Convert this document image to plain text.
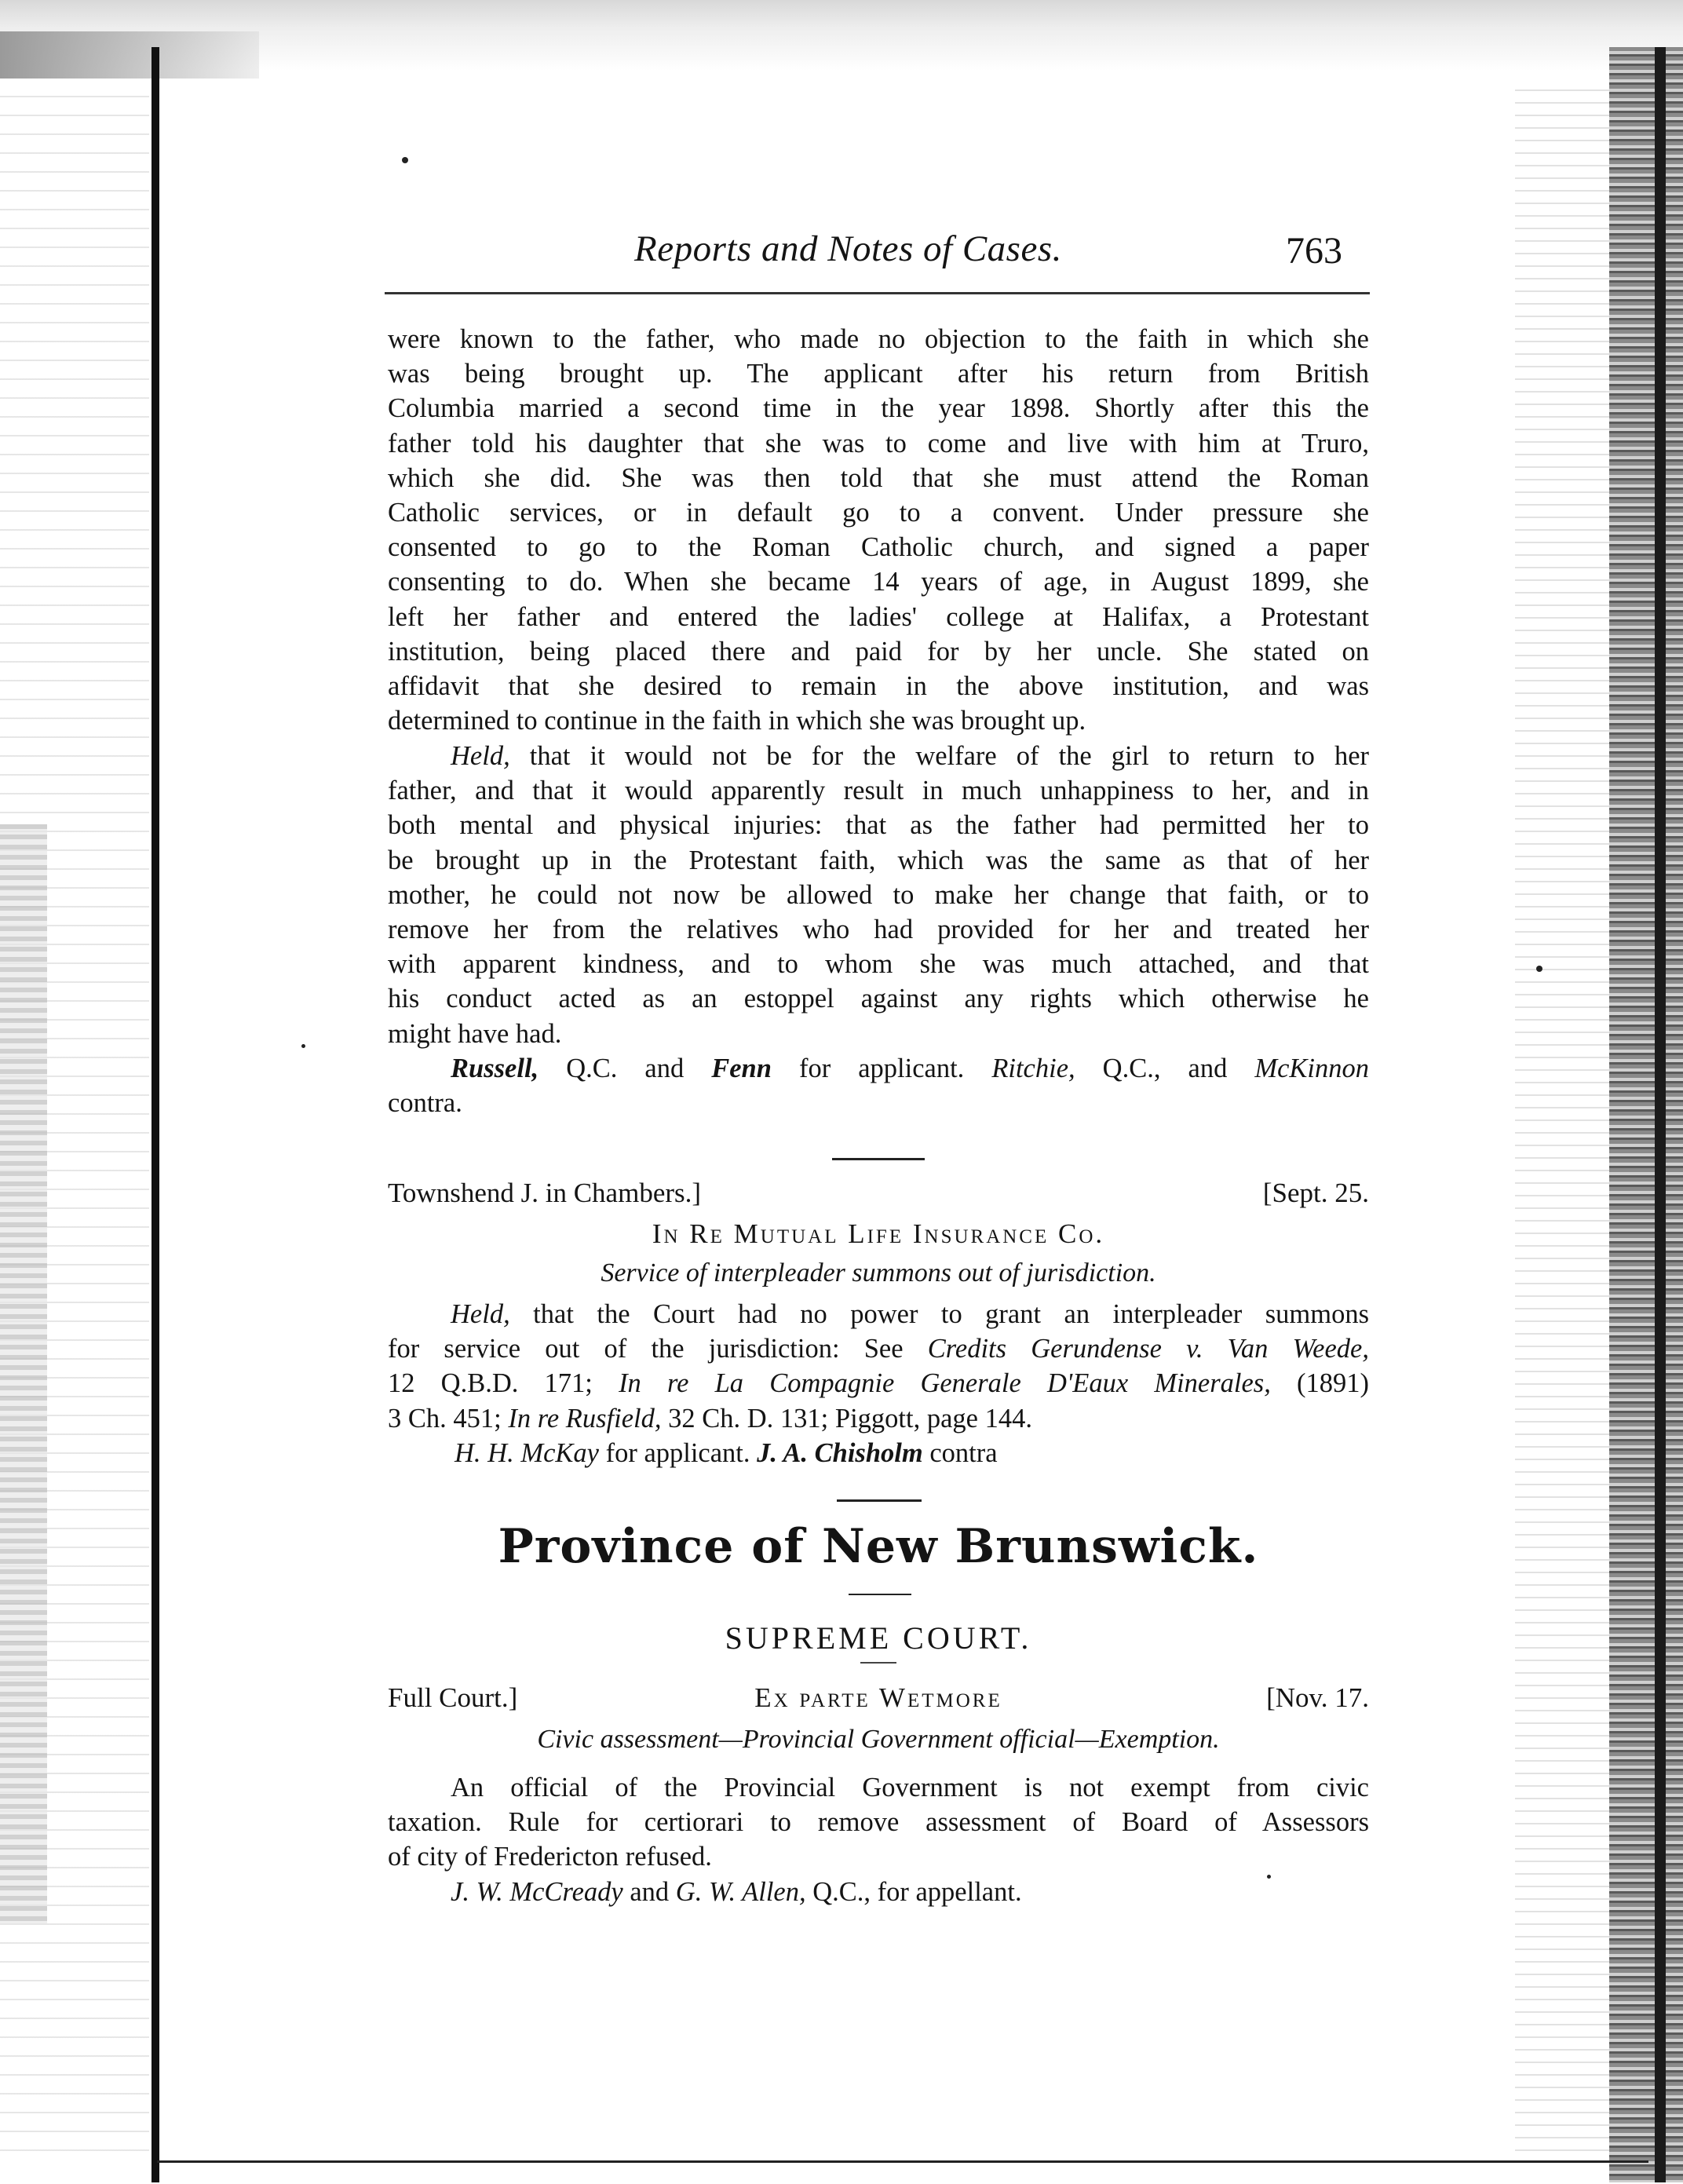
Reports and Notes of Cases.	763
were known to the father, who made no objection to the faith in which she
was being brought up. The applicant after his return from British
Columbia married a second time in the year 1898. Shortly after this the
father told his daughter that she was to come and live with him at Truro,
which she did. She was then told that she must attend the Roman
Catholic services, or in default go to a convent. Under pressure she
consented to go to the Roman Catholic church, and signed a paper
consenting to do. When she became 14 years of age, in August 1899, she
left her father and entered the ladies' college at Halifax, a Protestant
institution, being placed there and paid for by her uncle. She stated on
affidavit that she desired to remain in the above institution, and was
determined to continue in the faith in which she was brought up.
Held, that it would not be for the welfare of the girl to return to her
father, and that it would apparently result in much unhappiness to her, and in
both mental and physical injuries: that as the father had permitted her to
be brought up in the Protestant faith, which was the same as that of her
mother, he could not now be allowed to make her change that faith, or to
remove her from the relatives who had provided for her and treated her
with apparent kindness, and to whom she was much attached, and that
his conduct acted as an estoppel against any rights which otherwise he
might have had.
Russell, Q.C. and Fenn for applicant. Ritchie, Q.C., and McKinnon
contra.
Townshend J. in Chambers.]	[Sept. 25.
In Re Mutual Life Insurance Co.
Service of interpleader summons out of jurisdiction.
Held, that the Court had no power to grant an interpleader summons
for service out of the jurisdiction: See Credits Gerundense v. Van Weede,
12 Q.B.D. 171; In re La Compagnie Generale D'Eaux Minerales, (1891)
3 Ch. 451; In re Rusfield, 32 Ch. D. 131; Piggott, page 144.
H. H. McKay for applicant. J. A. Chisholm contra
Province of New Brunswick.
SUPREME COURT.
Full Court.]	Ex parte Wetmore	[Nov. 17.
Civic assessment—Provincial Government official—Exemption.
An official of the Provincial Government is not exempt from civic
taxation. Rule for certiorari to remove assessment of Board of Assessors
of city of Fredericton refused.
J. W. McCready and G. W. Allen, Q.C., for appellant.
